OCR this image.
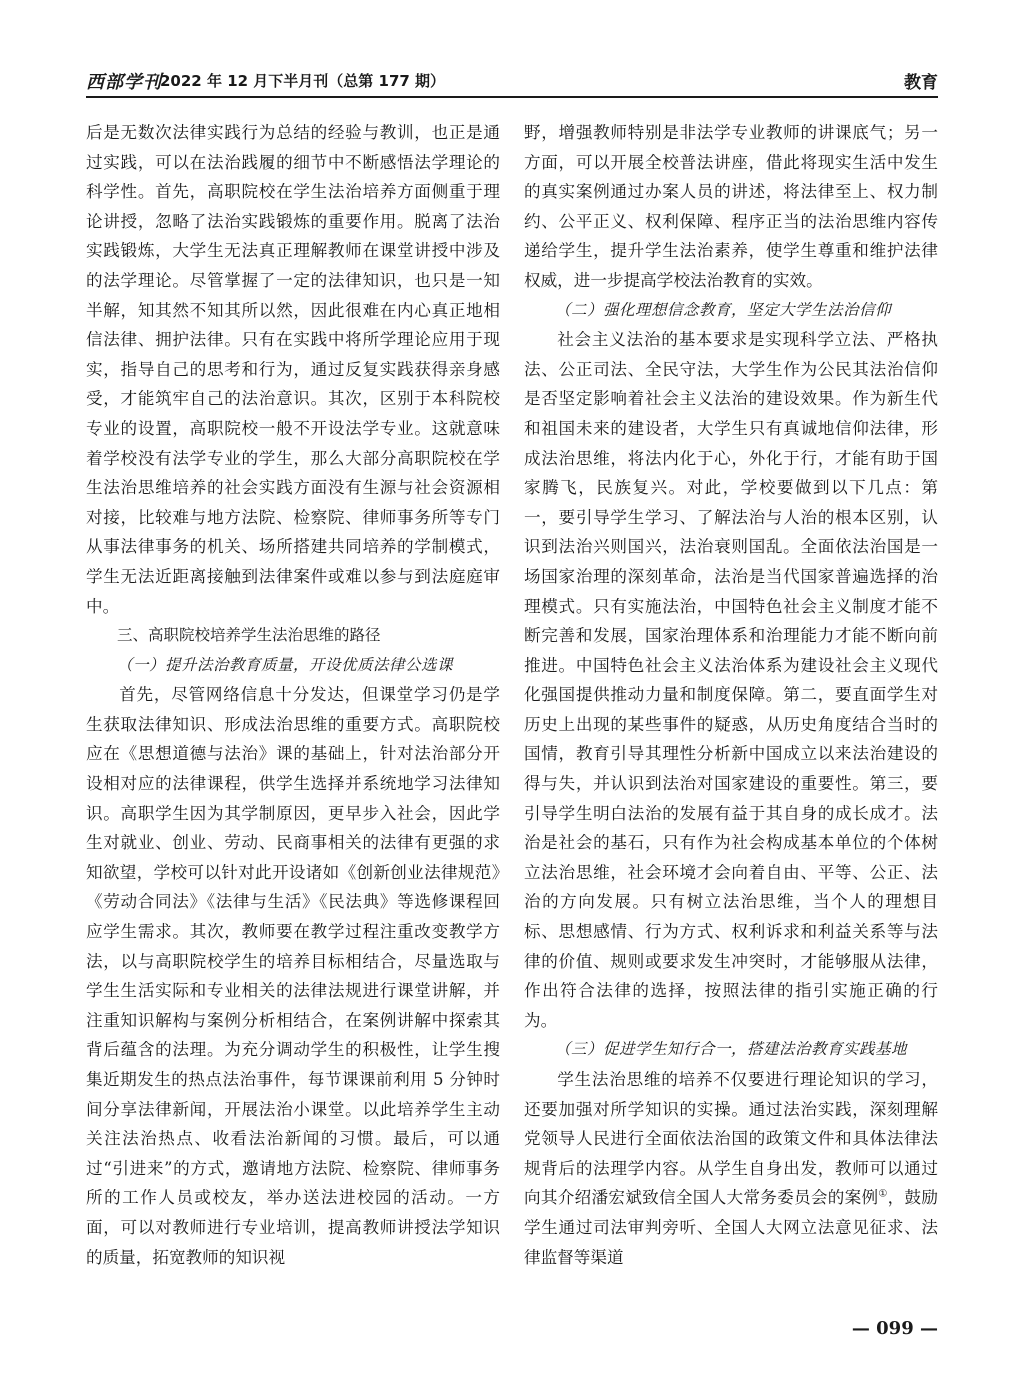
西部学刊
2022 年 12 月下半月刊（总第 177 期）	教育

后是无数次法律实践行为总结的经验与教训，也正是通过实践，可以在法治践履的细节中不断感悟法学理论的科学性。首先，高职院校在学生法治培养方面侧重于理论讲授，忽略了法治实践锻炼的重要作用。脱离了法治实践锻炼，大学生无法真正理解教师在课堂讲授中涉及的法学理论。尽管掌握了一定的法律知识，也只是一知半解，知其然不知其所以然，因此很难在内心真正地相信法律、拥护法律。只有在实践中将所学理论应用于现实，指导自己的思考和行为，通过反复实践获得亲身感受，才能筑牢自己的法治意识。其次，区别于本科院校专业的设置，高职院校一般不开设法学专业。这就意味着学校没有法学专业的学生，那么大部分高职院校在学生法治思维培养的社会实践方面没有生源与社会资源相对接，比较难与地方法院、检察院、律师事务所等专门从事法律事务的机关、场所搭建共同培养的学制模式，学生无法近距离接触到法律案件或难以参与到法庭庭审中。

三、高职院校培养学生法治思维的路径

（一）提升法治教育质量，开设优质法律公选课

首先，尽管网络信息十分发达，但课堂学习仍是学生获取法律知识、形成法治思维的重要方式。高职院校应在《思想道德与法治》课的基础上，针对法治部分开设相对应的法律课程，供学生选择并系统地学习法律知识。高职学生因为其学制原因，更早步入社会，因此学生对就业、创业、劳动、民商事相关的法律有更强的求知欲望，学校可以针对此开设诸如《创新创业法律规范》《劳动合同法》《法律与生活》《民法典》等选修课程回应学生需求。其次，教师要在教学过程注重改变教学方法，以与高职院校学生的培养目标相结合，尽量选取与学生生活实际和专业相关的法律法规进行课堂讲解，并注重知识解构与案例分析相结合，在案例讲解中探索其背后蕴含的法理。为充分调动学生的积极性，让学生搜集近期发生的热点法治事件，每节课课前利用 5 分钟时间分享法律新闻，开展法治小课堂。以此培养学生主动关注法治热点、收看法治新闻的习惯。最后，可以通过“引进来”的方式，邀请地方法院、检察院、律师事务所的工作人员或校友，举办送法进校园的活动。一方面，可以对教师进行专业培训，提高教师讲授法学知识的质量，拓宽教师的知识视

野，增强教师特别是非法学专业教师的讲课底气；另一方面，可以开展全校普法讲座，借此将现实生活中发生的真实案例通过办案人员的讲述，将法律至上、权力制约、公平正义、权利保障、程序正当的法治思维内容传递给学生，提升学生法治素养，使学生尊重和维护法律权威，进一步提高学校法治教育的实效。

（二）强化理想信念教育，坚定大学生法治信仰

社会主义法治的基本要求是实现科学立法、严格执法、公正司法、全民守法，大学生作为公民其法治信仰是否坚定影响着社会主义法治的建设效果。作为新生代和祖国未来的建设者，大学生只有真诚地信仰法律，形成法治思维，将法内化于心，外化于行，才能有助于国家腾飞，民族复兴。对此，学校要做到以下几点：第一，要引导学生学习、了解法治与人治的根本区别，认识到法治兴则国兴，法治衰则国乱。全面依法治国是一场国家治理的深刻革命，法治是当代国家普遍选择的治理模式。只有实施法治，中国特色社会主义制度才能不断完善和发展，国家治理体系和治理能力才能不断向前推进。中国特色社会主义法治体系为建设社会主义现代化强国提供推动力量和制度保障。第二，要直面学生对历史上出现的某些事件的疑惑，从历史角度结合当时的国情，教育引导其理性分析新中国成立以来法治建设的得与失，并认识到法治对国家建设的重要性。第三，要引导学生明白法治的发展有益于其自身的成长成才。法治是社会的基石，只有作为社会构成基本单位的个体树立法治思维，社会环境才会向着自由、平等、公正、法治的方向发展。只有树立法治思维，当个人的理想目标、思想感情、行为方式、权利诉求和利益关系等与法律的价值、规则或要求发生冲突时，才能够服从法律，作出符合法律的选择，按照法律的指引实施正确的行为。

（三）促进学生知行合一，搭建法治教育实践基地

学生法治思维的培养不仅要进行理论知识的学习，还要加强对所学知识的实操。通过法治实践，深刻理解党领导人民进行全面依法治国的政策文件和具体法律法规背后的法理学内容。从学生自身出发，教师可以通过向其介绍潘宏斌致信全国人大常务委员会的案例①，鼓励学生通过司法审判旁听、全国人大网立法意见征求、法律监督等渠道

— 099 —
